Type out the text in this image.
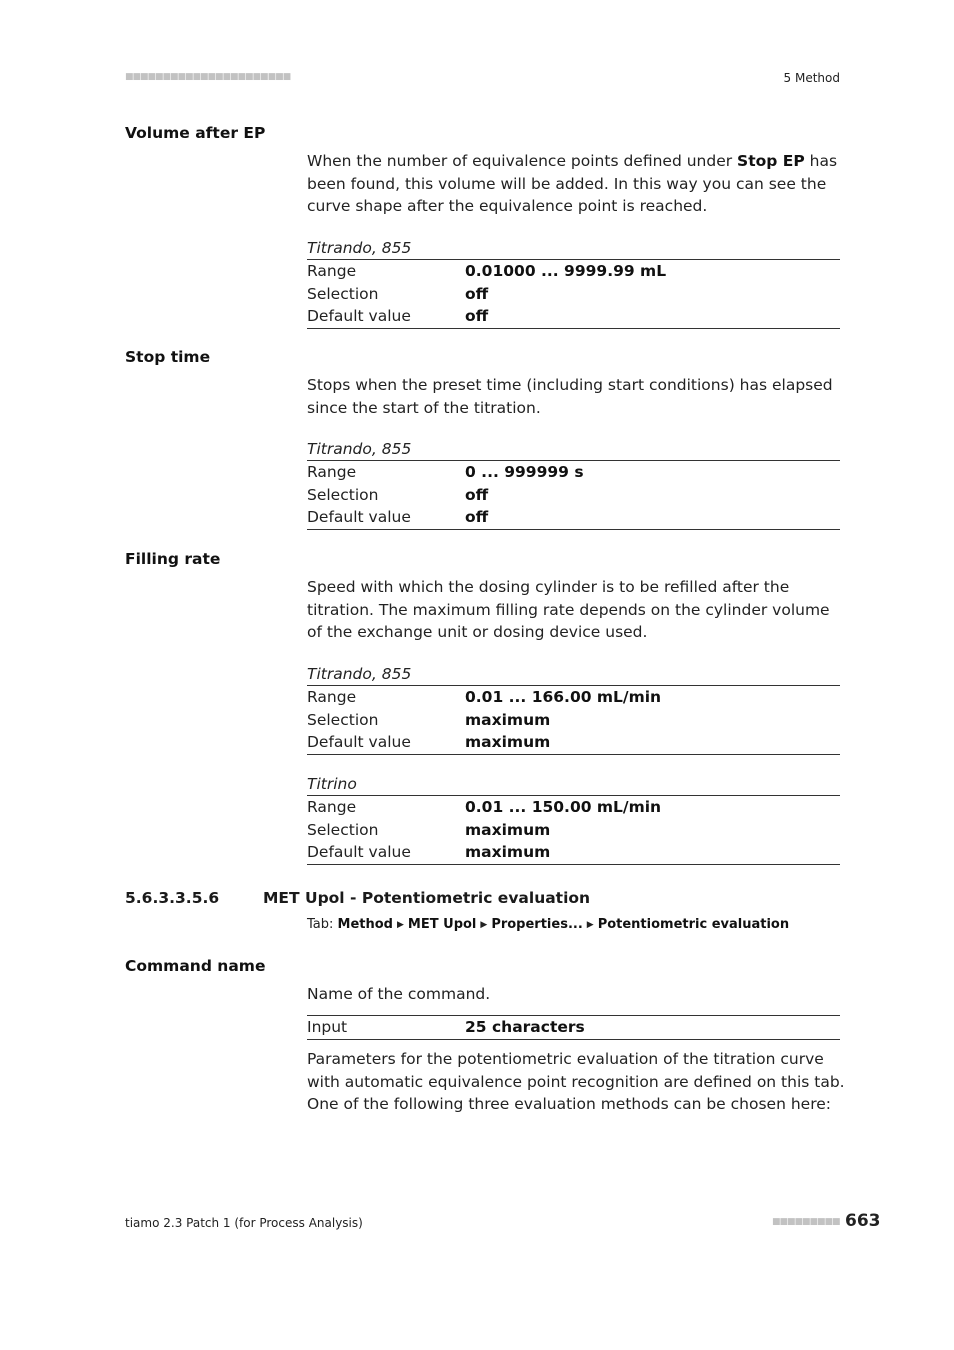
■■■■■■■■■■■■■■■■■■■■■■	5 Method
Volume after EP
When the number of equivalence points defined under Stop EP has been found, this volume will be added. In this way you can see the curve shape after the equivalence point is reached.
Titrando, 855
Range	0.01000 ... 9999.99 mL
Selection	off
Default value	off
Stop time
Stops when the preset time (including start conditions) has elapsed since the start of the titration.
Titrando, 855
Range	0 ... 999999 s
Selection	off
Default value	off
Filling rate
Speed with which the dosing cylinder is to be refilled after the titration. The maximum filling rate depends on the cylinder volume of the exchange unit or dosing device used.
Titrando, 855
Range	0.01 ... 166.00 mL/min
Selection	maximum
Default value	maximum
Titrino
Range	0.01 ... 150.00 mL/min
Selection	maximum
Default value	maximum
5.6.3.3.5.6	MET Upol - Potentiometric evaluation
Tab: Method ▶ MET Upol ▶ Properties... ▶ Potentiometric evaluation
Command name
Name of the command.
Input	25 characters
Parameters for the potentiometric evaluation of the titration curve with automatic equivalence point recognition are defined on this tab. One of the following three evaluation methods can be chosen here:
tiamo 2.3 Patch 1 (for Process Analysis)	■■■■■■■■■ 663
